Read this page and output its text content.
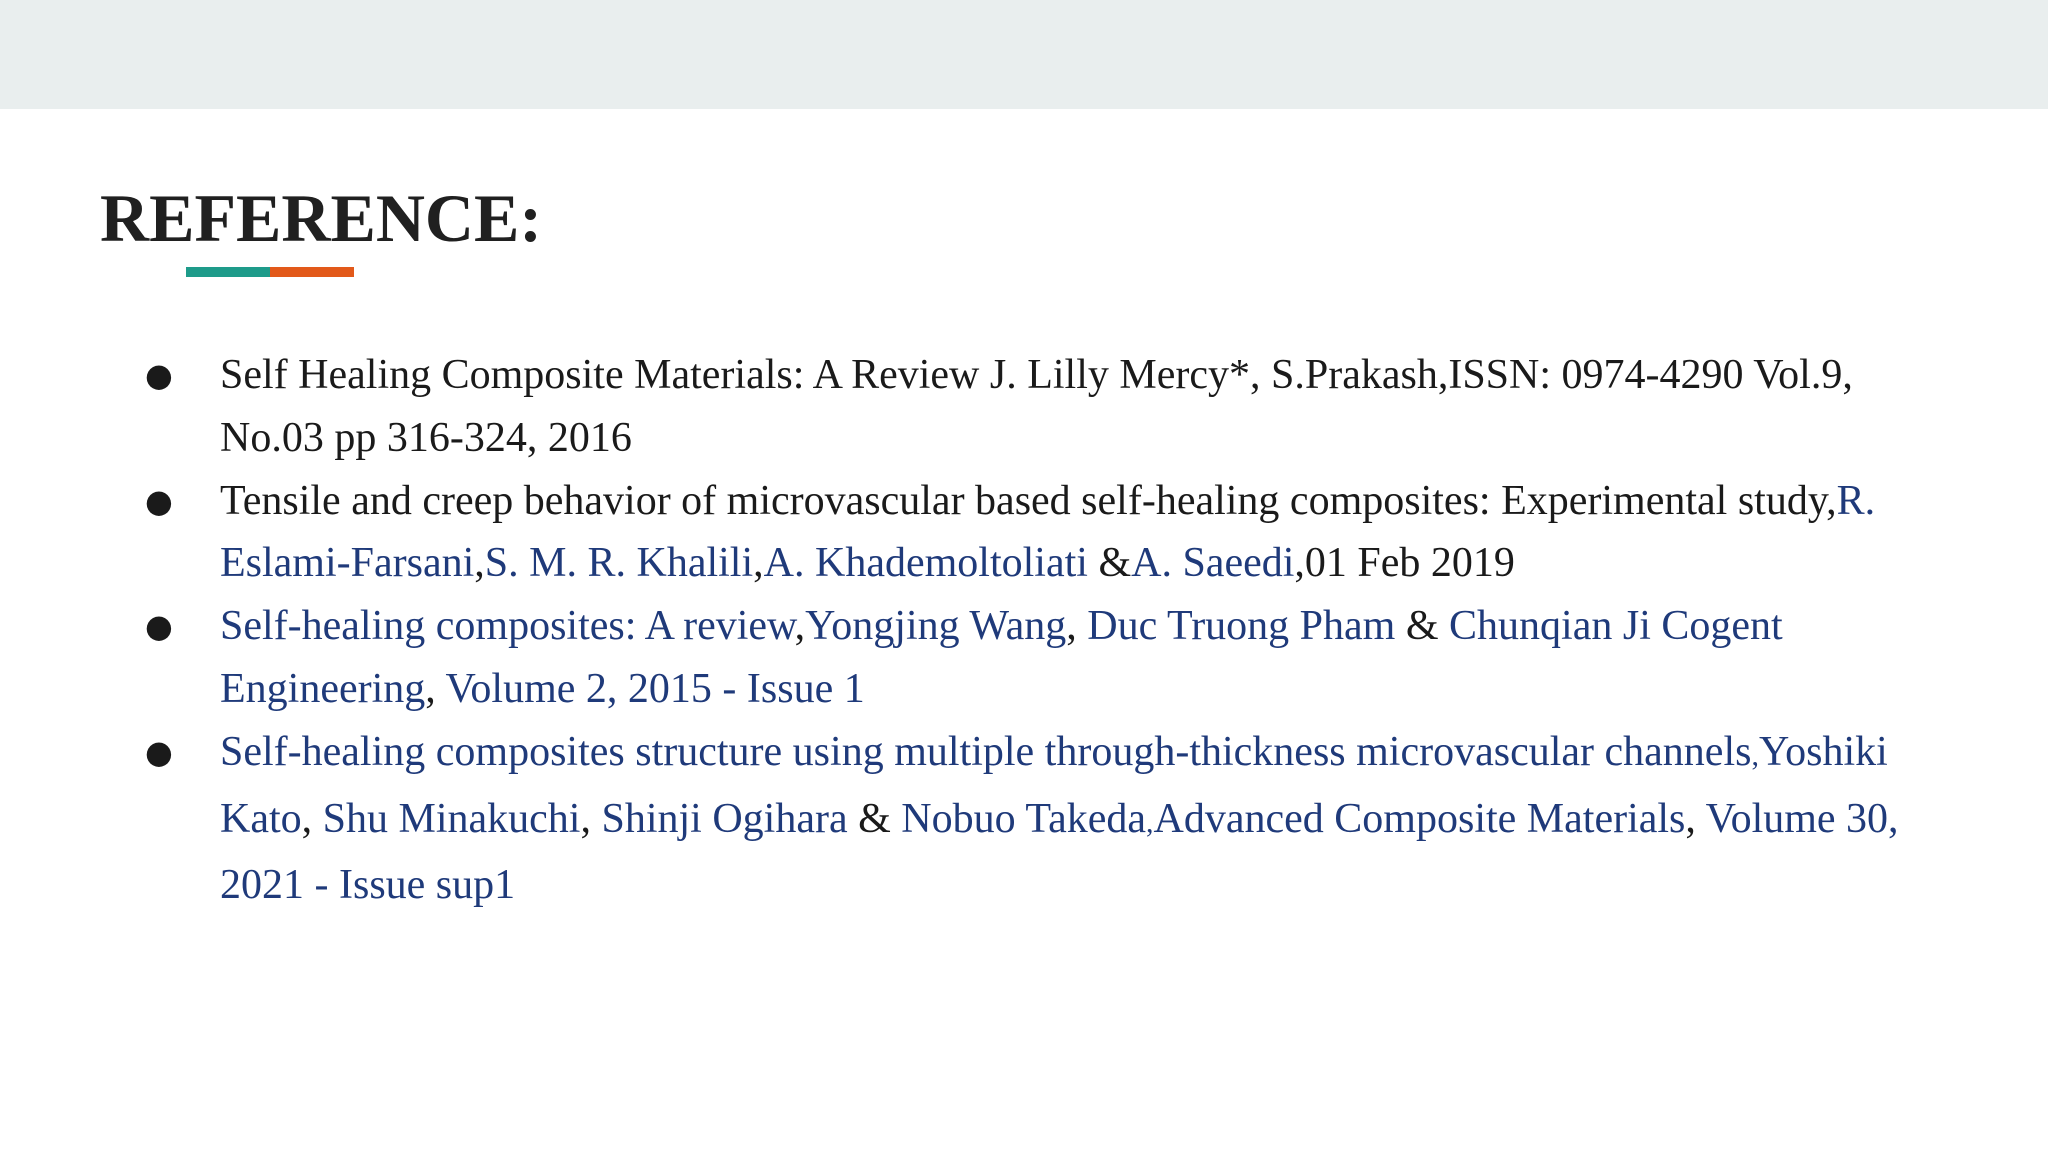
REFERENCE:
● Self Healing Composite Materials: A Review J. Lilly Mercy*, S.Prakash,ISSN: 0974-4290 Vol.9, No.03 pp 316-324, 2016
● Tensile and creep behavior of microvascular based self-healing composites: Experimental study,R. Eslami-Farsani,S. M. R. Khalili,A. Khademoltoliati &A. Saeedi,01 Feb 2019
● Self-healing composites: A review,Yongjing Wang, Duc Truong Pham & Chunqian Ji Cogent Engineering, Volume 2, 2015 - Issue 1
● Self-healing composites structure using multiple through-thickness microvascular channels,Yoshiki Kato, Shu Minakuchi, Shinji Ogihara & Nobuo Takeda,Advanced Composite Materials, Volume 30, 2021 - Issue sup1
